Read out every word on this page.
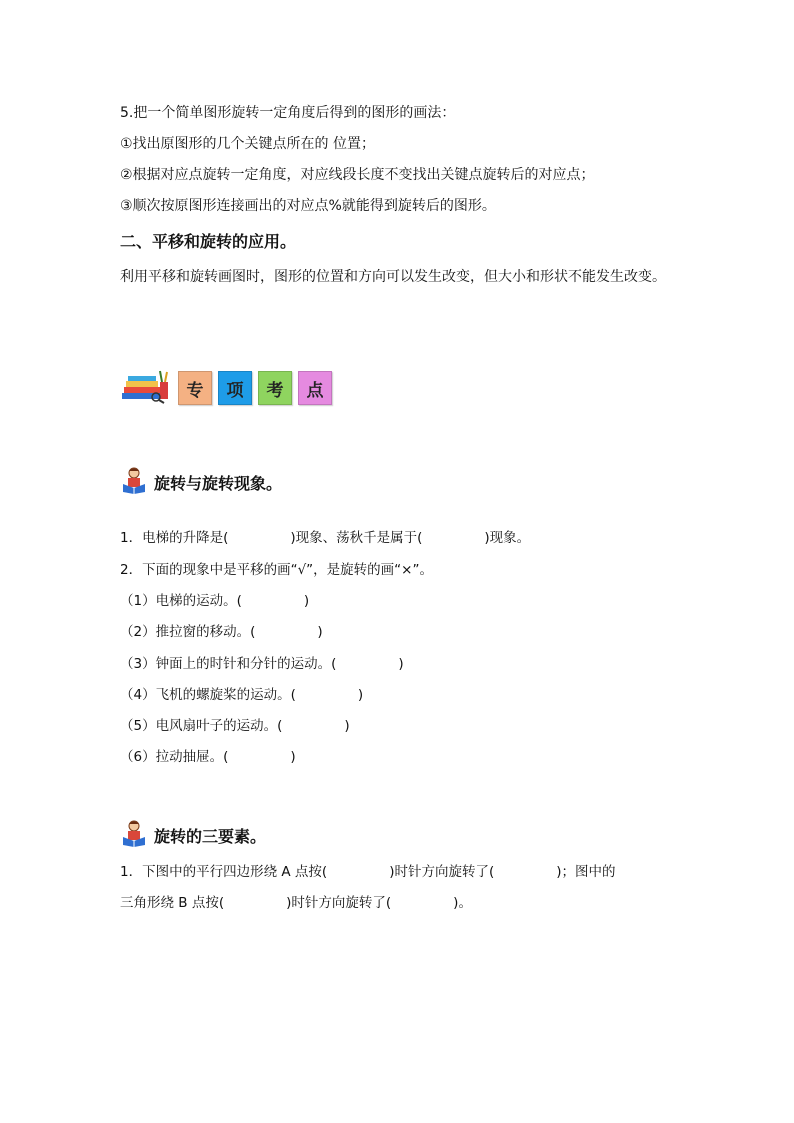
5.把一个简单图形旋转一定角度后得到的图形的画法：
①找出原图形的几个关键点所在的 位置；
②根据对应点旋转一定角度，对应线段长度不变找出关键点旋转后的对应点；
③顺次按原图形连接画出的对应点%就能得到旋转后的图形。
二、平移和旋转的应用。
利用平移和旋转画图时，图形的位置和方向可以发生改变，但大小和形状不能发生改变。
专	项	考	点
旋转与旋转现象。
1．电梯的升降是(	)现象、荡秋千是属于(	)现象。
2．下面的现象中是平移的画“√”，是旋转的画“×”。
（1）电梯的运动。(	)
（2）推拉窗的移动。(	)
（3）钟面上的时针和分针的运动。(	)
（4）飞机的螺旋桨的运动。(	)
（5）电风扇叶子的运动。(	)
（6）拉动抽屉。(	)
旋转的三要素。
1．下图中的平行四边形绕 A 点按(	)时针方向旋转了(	)；图中的
三角形绕 B 点按(	)时针方向旋转了(	)。
